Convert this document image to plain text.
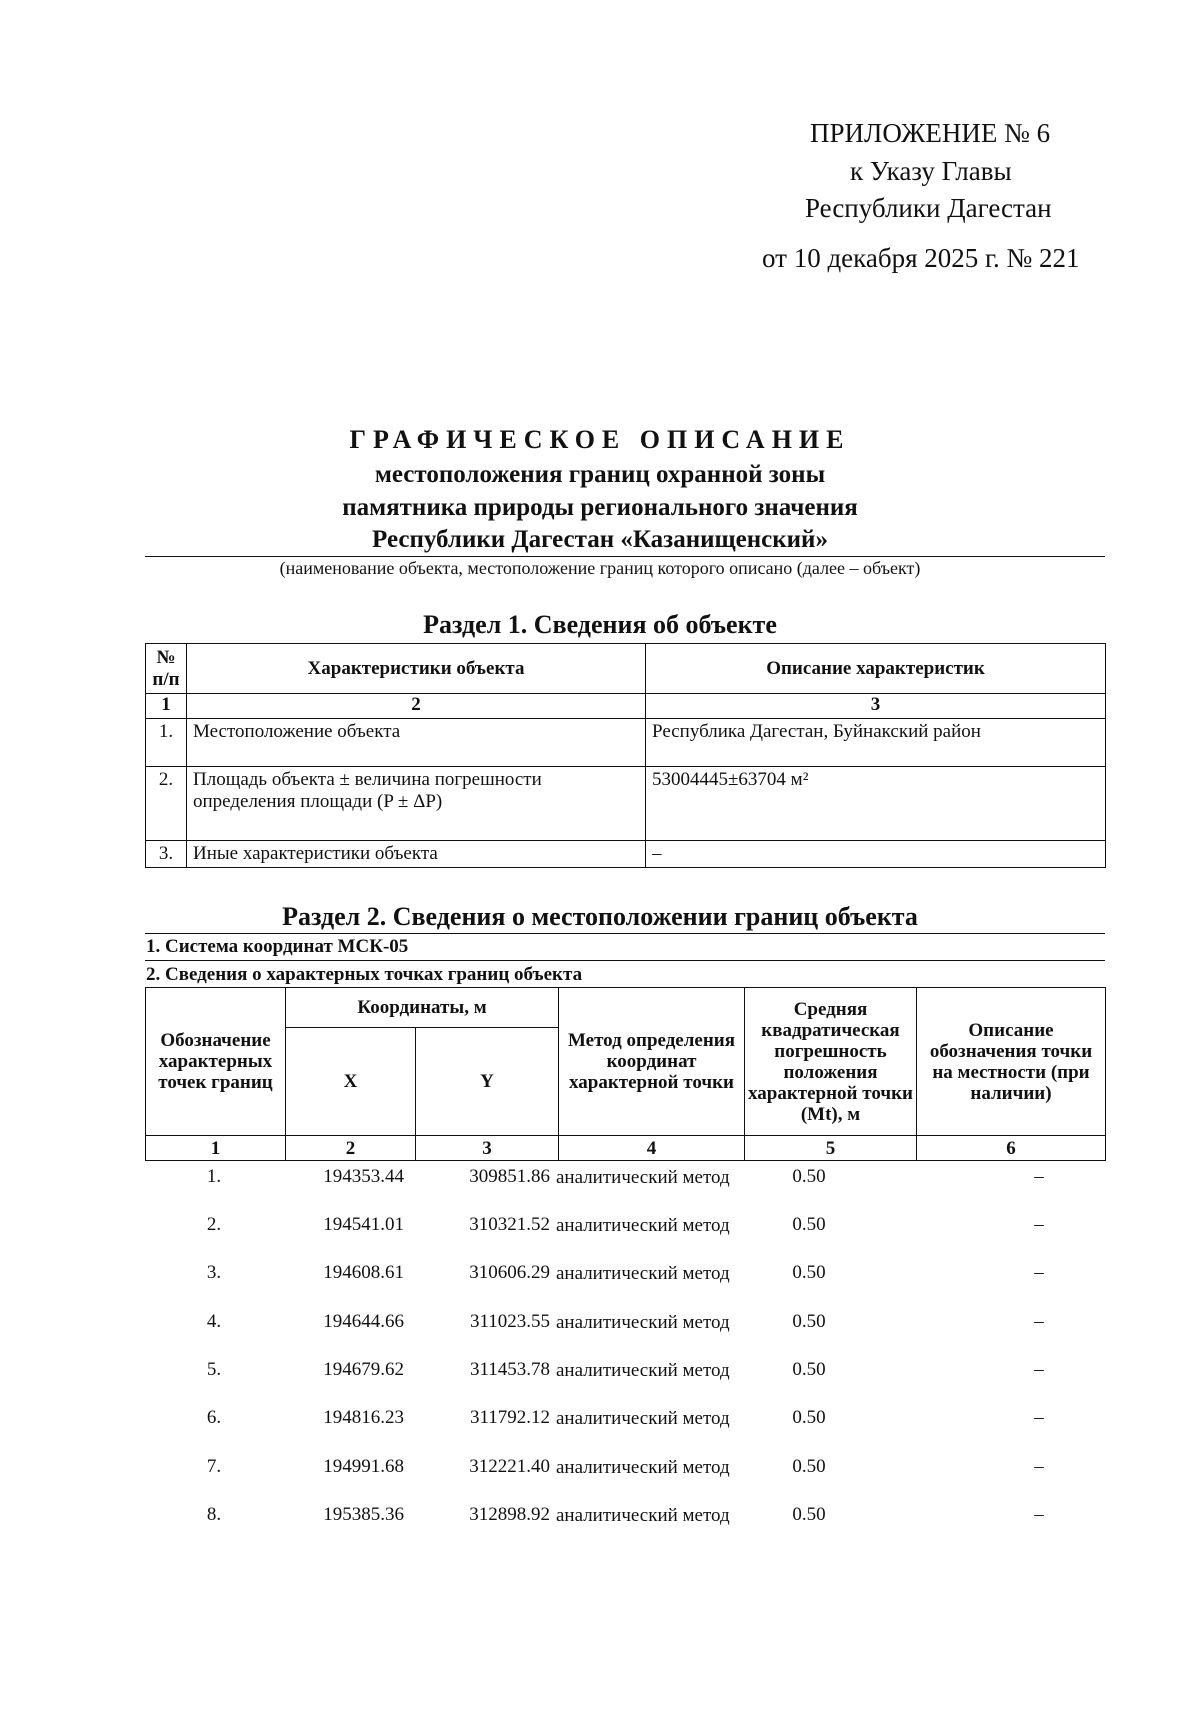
ПРИЛОЖЕНИЕ № 6
к Указу Главы
Республики Дагестан
от 10 декабря 2025 г. № 221
ГРАФИЧЕСКОЕ ОПИСАНИЕ
местоположения границ охранной зоны
памятника природы регионального значения
Республики Дагестан «Казанищенский»
(наименование объекта, местоположение границ которого описано (далее – объект)
Раздел 1. Сведения об объекте
№ п/п	Характеристики объекта	Описание характеристик
1	2	3
1.	Местоположение объекта	Республика Дагестан, Буйнакский район
2.	Площадь объекта ± величина погрешности определения площади (P ± ΔP)	53004445±63704 м²
3.	Иные характеристики объекта	–
Раздел 2. Сведения о местоположении границ объекта
1. Система координат МСК-05
2. Сведения о характерных точках границ объекта
Обозначение характерных точек границ	Координаты, м		Метод определения координат характерной точки	Средняя квадратическая погрешность положения характерной точки (Mt), м	Описание обозначения точки на местности (при наличии)
	X	Y			
1	2	3	4	5	6
1.	194353.44	309851.86 аналитический метод	0.50	–
2.	194541.01	310321.52 аналитический метод	0.50	–
3.	194608.61	310606.29 аналитический метод	0.50	–
4.	194644.66	311023.55 аналитический метод	0.50	–
5.	194679.62	311453.78 аналитический метод	0.50	–
6.	194816.23	311792.12 аналитический метод	0.50	–
7.	194991.68	312221.40 аналитический метод	0.50	–
8.	195385.36	312898.92 аналитический метод	0.50	–
